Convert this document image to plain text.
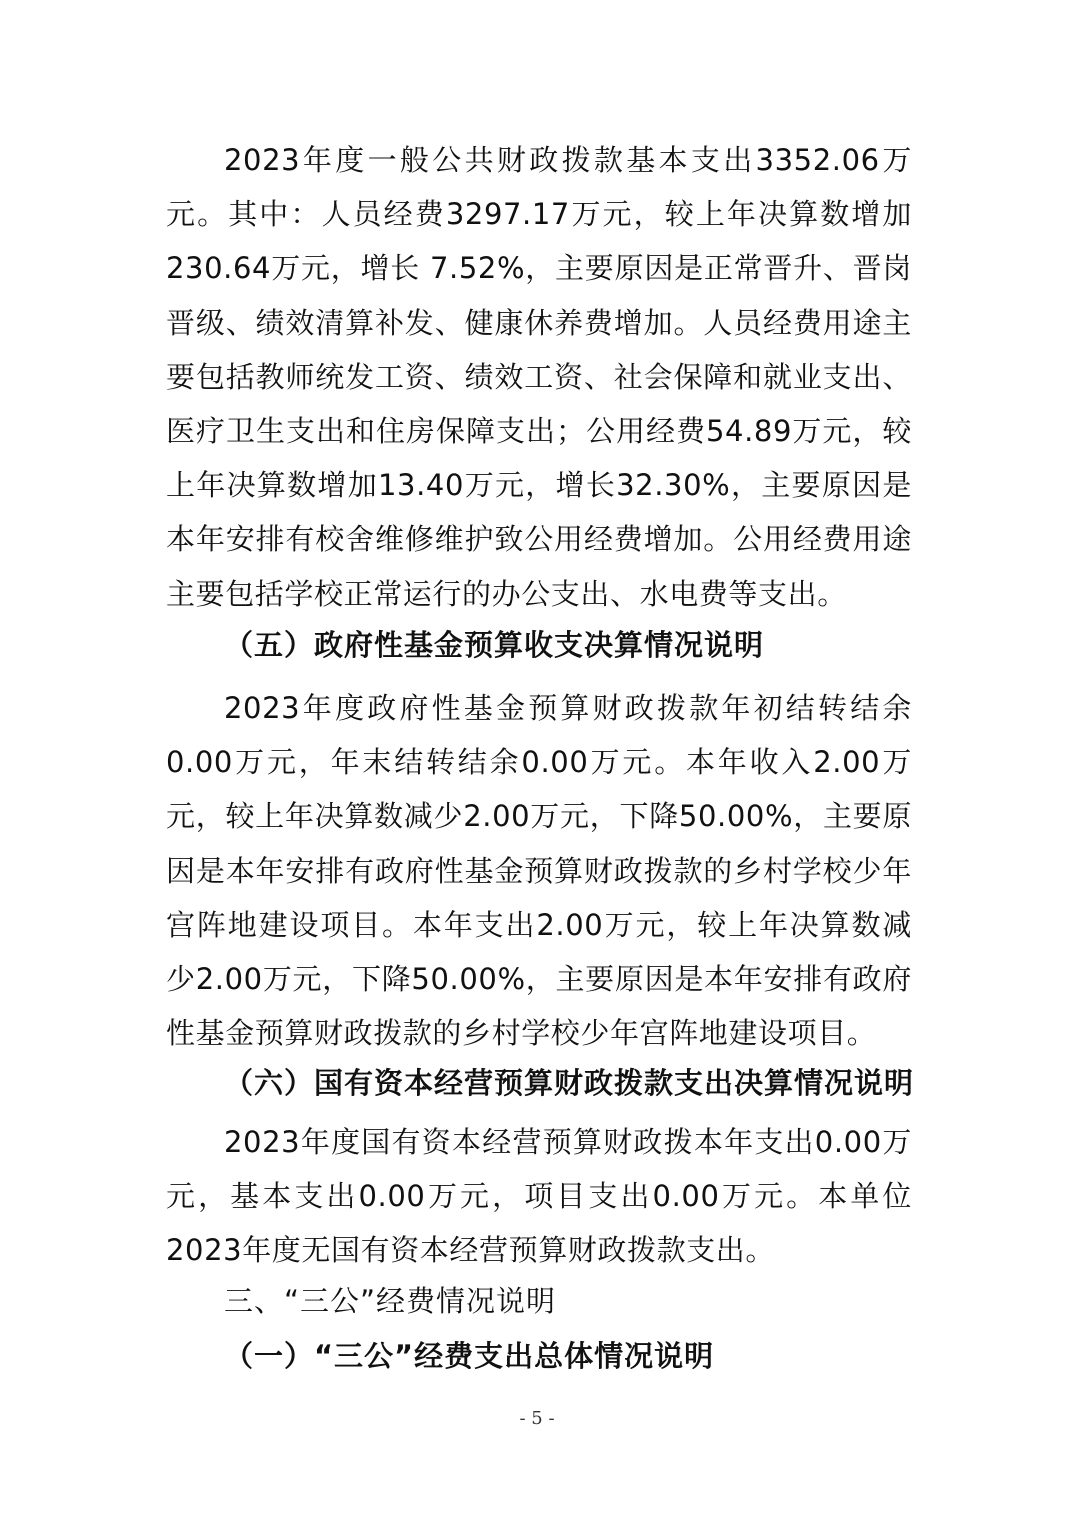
2023年度一般公共财政拨款基本支出3352.06万元。其中：人员经费3297.17万元，较上年决算数增加230.64万元，增长 7.52%，主要原因是正常晋升、晋岗晋级、绩效清算补发、健康休养费增加。人员经费用途主要包括教师统发工资、绩效工资、社会保障和就业支出、医疗卫生支出和住房保障支出；公用经费54.89万元，较上年决算数增加13.40万元，增长32.30%，主要原因是本年安排有校舍维修维护致公用经费增加。公用经费用途主要包括学校正常运行的办公支出、水电费等支出。

（五）政府性基金预算收支决算情况说明

2023年度政府性基金预算财政拨款年初结转结余0.00万元，年末结转结余0.00万元。本年收入2.00万元，较上年决算数减少2.00万元，下降50.00%，主要原因是本年安排有政府性基金预算财政拨款的乡村学校少年宫阵地建设项目。本年支出2.00万元，较上年决算数减少2.00万元，下降50.00%，主要原因是本年安排有政府性基金预算财政拨款的乡村学校少年宫阵地建设项目。

（六）国有资本经营预算财政拨款支出决算情况说明

2023年度国有资本经营预算财政拨本年支出0.00万元，基本支出0.00万元，项目支出0.00万元。本单位2023年度无国有资本经营预算财政拨款支出。

三、“三公”经费情况说明

（一）“三公”经费支出总体情况说明

- 5 -
